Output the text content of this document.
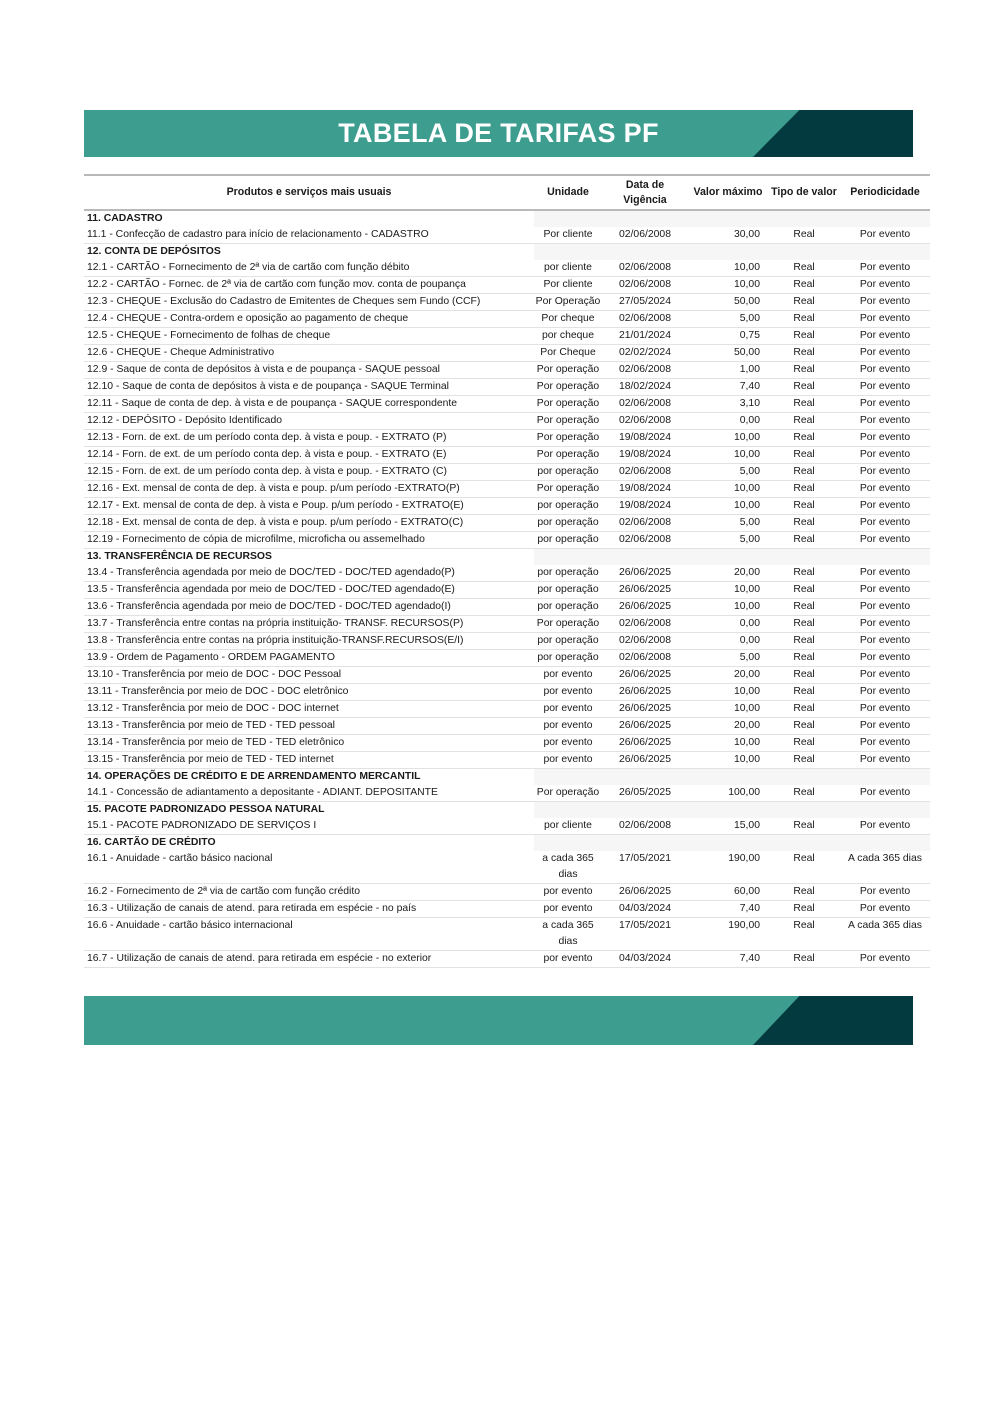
TABELA DE TARIFAS PF
Produtos e serviços mais usuais	Unidade	Data de Vigência	Valor máximo	Tipo de valor	Periodicidade
11. CADASTRO					
11.1 - Confecção de cadastro para início de relacionamento - CADASTRO	Por cliente	02/06/2008	30,00	Real	Por evento
12. CONTA DE DEPÓSITOS					
12.1 - CARTÃO - Fornecimento de 2ª via de cartão com função débito	por cliente	02/06/2008	10,00	Real	Por evento
12.2 - CARTÃO - Fornec. de 2ª via de cartão com função mov. conta de poupança	Por cliente	02/06/2008	10,00	Real	Por evento
12.3 - CHEQUE - Exclusão do Cadastro de Emitentes de Cheques sem Fundo (CCF)	Por Operação	27/05/2024	50,00	Real	Por evento
12.4 - CHEQUE - Contra-ordem e oposição ao pagamento de cheque	Por cheque	02/06/2008	5,00	Real	Por evento
12.5 - CHEQUE - Fornecimento de folhas de cheque	por cheque	21/01/2024	0,75	Real	Por evento
12.6 - CHEQUE - Cheque Administrativo	Por Cheque	02/02/2024	50,00	Real	Por evento
12.9 - Saque de conta de depósitos à vista e de poupança - SAQUE pessoal	Por operação	02/06/2008	1,00	Real	Por evento
12.10 - Saque de conta de depósitos à vista e de poupança - SAQUE Terminal	Por operação	18/02/2024	7,40	Real	Por evento
12.11 - Saque de conta de dep. à vista e de poupança - SAQUE correspondente	Por operação	02/06/2008	3,10	Real	Por evento
12.12 - DEPÓSITO - Depósito Identificado	Por operação	02/06/2008	0,00	Real	Por evento
12.13 - Forn. de ext. de um período conta dep. à vista e poup. - EXTRATO (P)	Por operação	19/08/2024	10,00	Real	Por evento
12.14 - Forn. de ext. de um período conta dep. à vista e poup. - EXTRATO (E)	Por operação	19/08/2024	10,00	Real	Por evento
12.15 - Forn. de ext. de um período conta dep. à vista e poup. - EXTRATO (C)	por operação	02/06/2008	5,00	Real	Por evento
12.16 - Ext. mensal de conta de dep. à vista e poup. p/um período -EXTRATO(P)	Por operação	19/08/2024	10,00	Real	Por evento
12.17 - Ext. mensal de conta de dep. à vista e Poup. p/um período - EXTRATO(E)	por operação	19/08/2024	10,00	Real	Por evento
12.18 - Ext. mensal de conta de dep. à vista e poup. p/um período - EXTRATO(C)	por operação	02/06/2008	5,00	Real	Por evento
12.19 - Fornecimento de cópia de microfilme, microficha ou assemelhado	por operação	02/06/2008	5,00	Real	Por evento
13. TRANSFERÊNCIA DE RECURSOS					
13.4 - Transferência agendada por meio de DOC/TED - DOC/TED agendado(P)	por operação	26/06/2025	20,00	Real	Por evento
13.5 - Transferência agendada por meio de DOC/TED - DOC/TED agendado(E)	por operação	26/06/2025	10,00	Real	Por evento
13.6 - Transferência agendada por meio de DOC/TED - DOC/TED agendado(I)	por operação	26/06/2025	10,00	Real	Por evento
13.7 - Transferência entre contas na própria instituição- TRANSF. RECURSOS(P)	Por operação	02/06/2008	0,00	Real	Por evento
13.8 - Transferência entre contas na própria instituição-TRANSF.RECURSOS(E/I)	por operação	02/06/2008	0,00	Real	Por evento
13.9 - Ordem de Pagamento - ORDEM PAGAMENTO	por operação	02/06/2008	5,00	Real	Por evento
13.10 - Transferência por meio de DOC - DOC Pessoal	por evento	26/06/2025	20,00	Real	Por evento
13.11 - Transferência por meio de DOC - DOC eletrônico	por evento	26/06/2025	10,00	Real	Por evento
13.12 - Transferência por meio de DOC - DOC internet	por evento	26/06/2025	10,00	Real	Por evento
13.13 - Transferência por meio de TED - TED pessoal	por evento	26/06/2025	20,00	Real	Por evento
13.14 - Transferência por meio de TED - TED eletrônico	por evento	26/06/2025	10,00	Real	Por evento
13.15 - Transferência por meio de TED - TED internet	por evento	26/06/2025	10,00	Real	Por evento
14. OPERAÇÕES DE CRÉDITO E DE ARRENDAMENTO MERCANTIL					
14.1 - Concessão de adiantamento a depositante - ADIANT. DEPOSITANTE	Por operação	26/05/2025	100,00	Real	Por evento
15. PACOTE PADRONIZADO PESSOA NATURAL					
15.1 - PACOTE PADRONIZADO DE SERVIÇOS I	por cliente	02/06/2008	15,00	Real	Por evento
16. CARTÃO DE CRÉDITO					
16.1 - Anuidade - cartão básico nacional	a cada 365 dias	17/05/2021	190,00	Real	A cada 365 dias
16.2 - Fornecimento de 2ª via de cartão com função crédito	por evento	26/06/2025	60,00	Real	Por evento
16.3 - Utilização de canais de atend. para retirada em espécie - no país	por evento	04/03/2024	7,40	Real	Por evento
16.6 - Anuidade - cartão básico internacional	a cada 365 dias	17/05/2021	190,00	Real	A cada 365 dias
16.7 - Utilização de canais de atend. para retirada em espécie - no exterior	por evento	04/03/2024	7,40	Real	Por evento
